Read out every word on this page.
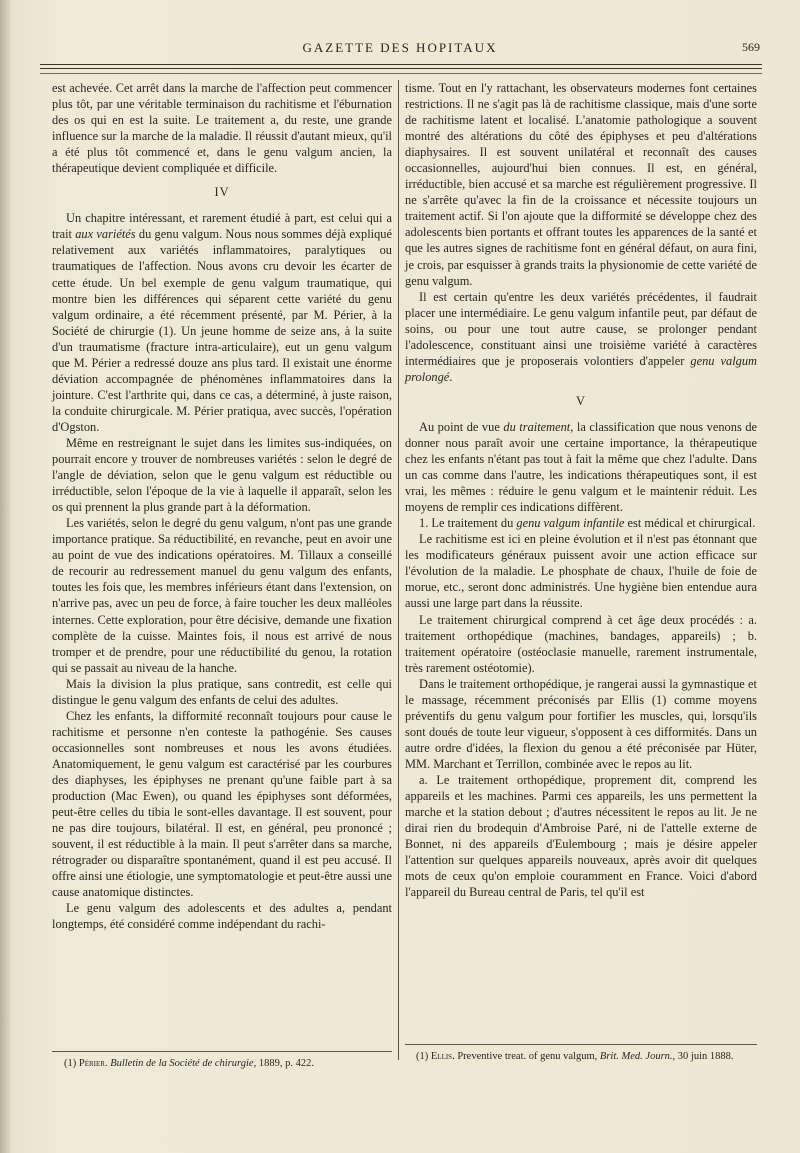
GAZETTE DES HOPITAUX	569

est achevée. Cet arrêt dans la marche de l'affection peut commencer plus tôt, par une véritable terminaison du rachitisme et l'éburnation des os qui en est la suite. Le traitement a, du reste, une grande influence sur la marche de la maladie. Il réussit d'autant mieux, qu'il a été plus tôt commencé et, dans le genu valgum ancien, la thérapeutique devient compliquée et difficile.

IV

Un chapitre intéressant, et rarement étudié à part, est celui qui a trait aux variétés du genu valgum. Nous nous sommes déjà expliqué relativement aux variétés inflammatoires, paralytiques ou traumatiques de l'affection. Nous avons cru devoir les écarter de cette étude. Un bel exemple de genu valgum traumatique, qui montre bien les différences qui séparent cette variété du genu valgum ordinaire, a été récemment présenté, par M. Périer, à la Société de chirurgie (1). Un jeune homme de seize ans, à la suite d'un traumatisme (fracture intra-articulaire), eut un genu valgum que M. Périer a redressé douze ans plus tard. Il existait une énorme déviation accompagnée de phénomènes inflammatoires dans la jointure. C'est l'arthrite qui, dans ce cas, a déterminé, à juste raison, la conduite chirurgicale. M. Périer pratiqua, avec succès, l'opération d'Ogston.

Même en restreignant le sujet dans les limites sus-indiquées, on pourrait encore y trouver de nombreuses variétés : selon le degré de l'angle de déviation, selon que le genu valgum est réductible ou irréductible, selon l'époque de la vie à laquelle il apparaît, selon les os qui prennent la plus grande part à la déformation.

Les variétés, selon le degré du genu valgum, n'ont pas une grande importance pratique. Sa réductibilité, en revanche, peut en avoir une au point de vue des indications opératoires. M. Tillaux a conseillé de recourir au redressement manuel du genu valgum des enfants, toutes les fois que, les membres inférieurs étant dans l'extension, on n'arrive pas, avec un peu de force, à faire toucher les deux malléoles internes. Cette exploration, pour être décisive, demande une fixation complète de la cuisse. Maintes fois, il nous est arrivé de nous tromper et de prendre, pour une réductibilité du genou, la rotation qui se passait au niveau de la hanche.

Mais la division la plus pratique, sans contredit, est celle qui distingue le genu valgum des enfants de celui des adultes.

Chez les enfants, la difformité reconnaît toujours pour cause le rachitisme et personne n'en conteste la pathogénie. Ses causes occasionnelles sont nombreuses et nous les avons étudiées. Anatomiquement, le genu valgum est caractérisé par les courbures des diaphyses, les épiphyses ne prenant qu'une faible part à sa production (Mac Ewen), ou quand les épiphyses sont déformées, peut-être celles du tibia le sont-elles davantage. Il est souvent, pour ne pas dire toujours, bilatéral. Il est, en général, peu prononcé ; souvent, il est réductible à la main. Il peut s'arrêter dans sa marche, rétrograder ou disparaître spontanément, quand il est peu accusé. Il offre ainsi une étiologie, une symptomatologie et peut-être aussi une cause anatomique distinctes.

Le genu valgum des adolescents et des adultes a, pendant longtemps, été considéré comme indépendant du rachi-

tisme. Tout en l'y rattachant, les observateurs modernes font certaines restrictions. Il ne s'agit pas là de rachitisme classique, mais d'une sorte de rachitisme latent et localisé. L'anatomie pathologique a souvent montré des altérations du côté des épiphyses et peu d'altérations diaphysaires. Il est souvent unilatéral et reconnaît des causes occasionnelles, aujourd'hui bien connues. Il est, en général, irréductible, bien accusé et sa marche est régulièrement progressive. Il ne s'arrête qu'avec la fin de la croissance et nécessite toujours un traitement actif. Si l'on ajoute que la difformité se développe chez des adolescents bien portants et offrant toutes les apparences de la santé et que les autres signes de rachitisme font en général défaut, on aura fini, je crois, par esquisser à grands traits la physionomie de cette variété de genu valgum.

Il est certain qu'entre les deux variétés précédentes, il faudrait placer une intermédiaire. Le genu valgum infantile peut, par défaut de soins, ou pour une tout autre cause, se prolonger pendant l'adolescence, constituant ainsi une troisième variété à caractères intermédiaires que je proposerais volontiers d'appeler genu valgum prolongé.

V

Au point de vue du traitement, la classification que nous venons de donner nous paraît avoir une certaine importance, la thérapeutique chez les enfants n'étant pas tout à fait la même que chez l'adulte. Dans un cas comme dans l'autre, les indications thérapeutiques sont, il est vrai, les mêmes : réduire le genu valgum et le maintenir réduit. Les moyens de remplir ces indications diffèrent.

1. Le traitement du genu valgum infantile est médical et chirurgical.

Le rachitisme est ici en pleine évolution et il n'est pas étonnant que les modificateurs généraux puissent avoir une action efficace sur l'évolution de la maladie. Le phosphate de chaux, l'huile de foie de morue, etc., seront donc administrés. Une hygiène bien entendue aura aussi une large part dans la réussite.

Le traitement chirurgical comprend à cet âge deux procédés : a. traitement orthopédique (machines, bandages, appareils) ; b. traitement opératoire (ostéoclasie manuelle, rarement instrumentale, très rarement ostéotomie).

Dans le traitement orthopédique, je rangerai aussi la gymnastique et le massage, récemment préconisés par Ellis (1) comme moyens préventifs du genu valgum pour fortifier les muscles, qui, lorsqu'ils sont doués de toute leur vigueur, s'opposent à ces difformités. Dans un autre ordre d'idées, la flexion du genou a été préconisée par Hüter, MM. Marchant et Terrillon, combinée avec le repos au lit.

a. Le traitement orthopédique, proprement dit, comprend les appareils et les machines. Parmi ces appareils, les uns permettent la marche et la station debout ; d'autres nécessitent le repos au lit. Je ne dirai rien du brodequin d'Ambroise Paré, ni de l'attelle externe de Bonnet, ni des appareils d'Eulembourg ; mais je désire appeler l'attention sur quelques appareils nouveaux, après avoir dit quelques mots de ceux qu'on emploie couramment en France. Voici d'abord l'appareil du Bureau central de Paris, tel qu'il est

(1) Périer. Bulletin de la Société de chirurgie, 1889, p. 422.
(1) Ellis. Preventive treat. of genu valgum, Brit. Med. Journ., 30 juin 1888.
